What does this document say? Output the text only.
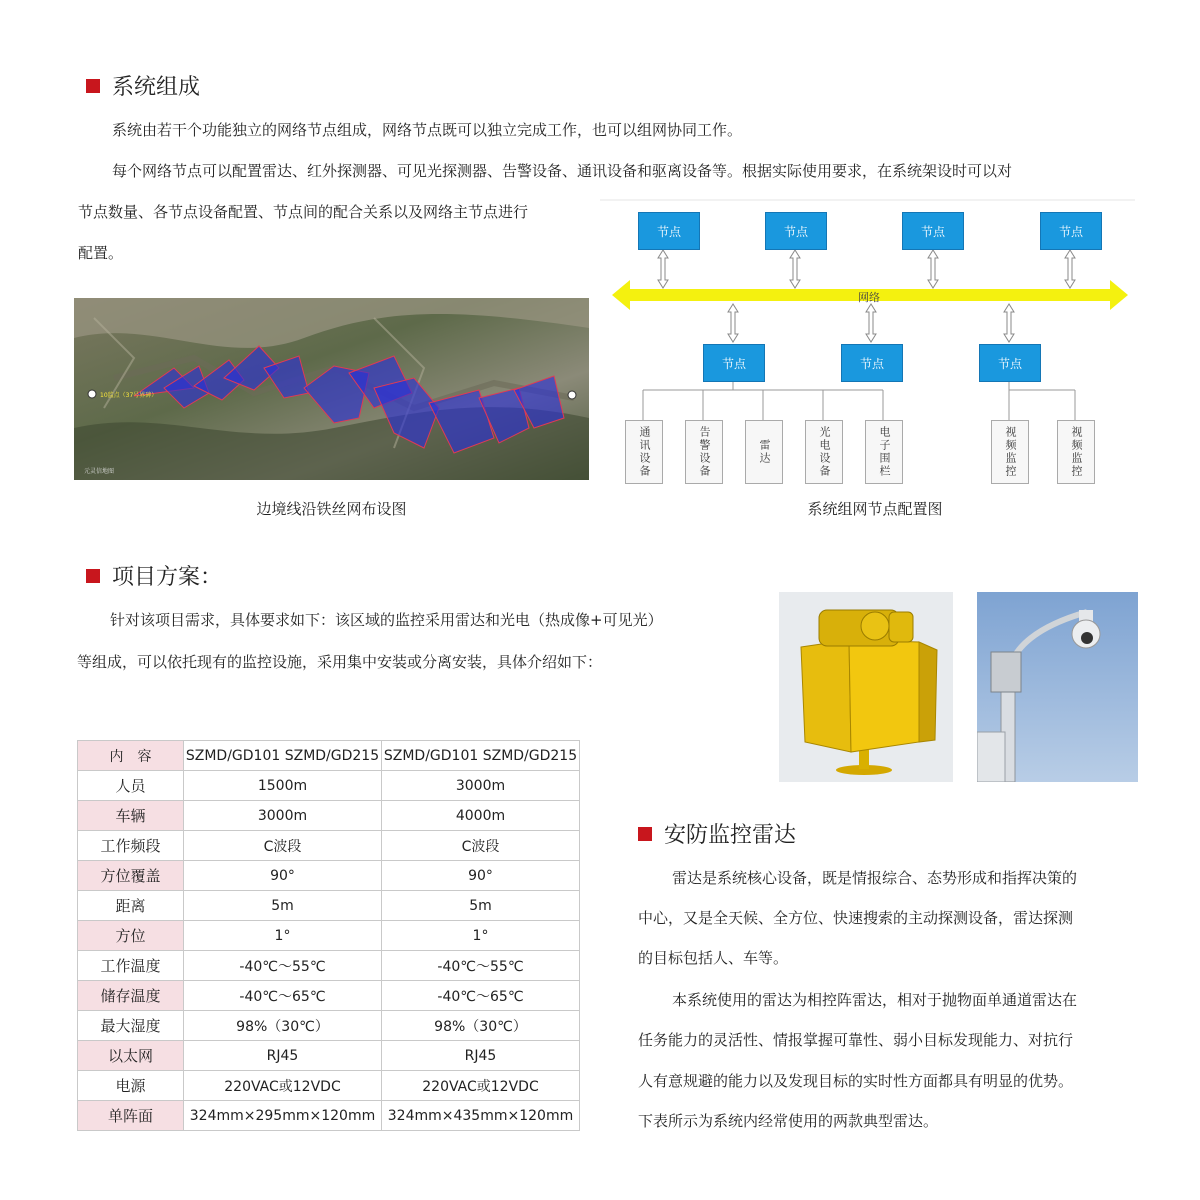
系统组成
系统由若干个功能独立的网络节点组成，网络节点既可以独立完成工作，也可以组网协同工作。
每个网络节点可以配置雷达、红外探测器、可见光探测器、告警设备、通讯设备和驱离设备等。根据实际使用要求，在系统架设时可以对
节点数量、各节点设备配置、节点间的配合关系以及网络主节点进行
配置。
10监点（37号界碑）
元灵信地图
边境线沿铁丝网布设图
节点	节点	节点	节点
网络
节点	节点	节点
通讯设备	告警设备	雷达	光电设备	电子围栏	视频监控	视频监控
系统组网节点配置图
项目方案：
针对该项目需求，具体要求如下：该区域的监控采用雷达和光电（热成像+可见光）
等组成，可以依托现有的监控设施，采用集中安装或分离安装，具体介绍如下：
内　容	SZMD/GD101 SZMD/GD215	SZMD/GD101 SZMD/GD215
人员	1500m	3000m
车辆	3000m	4000m
工作频段	C波段	C波段
方位覆盖	90°	90°
距离	5m	5m
方位	1°	1°
工作温度	-40℃～55℃	-40℃～55℃
储存温度	-40℃～65℃	-40℃～65℃
最大湿度	98%（30℃）	98%（30℃）
以太网	RJ45	RJ45
电源	220VAC或12VDC	220VAC或12VDC
单阵面	324mm×295mm×120mm	324mm×435mm×120mm
安防监控雷达
雷达是系统核心设备，既是情报综合、态势形成和指挥决策的
中心，又是全天候、全方位、快速搜索的主动探测设备，雷达探测
的目标包括人、车等。
本系统使用的雷达为相控阵雷达，相对于抛物面单通道雷达在
任务能力的灵活性、情报掌握可靠性、弱小目标发现能力、对抗行
人有意规避的能力以及发现目标的实时性方面都具有明显的优势。
下表所示为系统内经常使用的两款典型雷达。
